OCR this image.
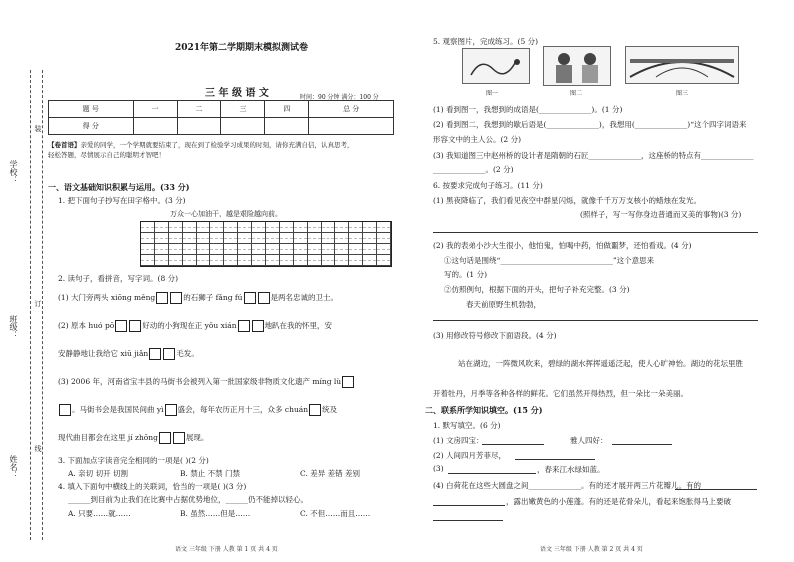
学校：
班级：
姓名：
装
订
线
2021年第二学期期末模拟测试卷
三 年 级 语 文	时间：90 分钟 满分：100 分
题 号	一	二	三	四	总 分
得 分					
【卷首语】亲爱的同学，一个学期就要结束了，现在到了检验学习成果的时刻，请你充满自信，认真思考，
轻松答题，尽情展示自己的聪明才智吧！
一、语文基础知识积累与运用。(33 分)
1. 把下面句子抄写在田字格中。(3 分)
万众一心加油干，越是艰险越向前。
2. 读句子，看拼音，写字词。(8 分)
(1) 大门旁两头 xiōnɡ měnɡ	的石狮子 fǎnɡ fú	是两名忠诚的卫士。
(2) 原本 huó pō	好动的小狗现在正 yǒu xián	地趴在我的怀里，安
安静静地让我给它 xiū jiǎn	毛发。
(3) 2006 年，河南省宝丰县的马街书会被列入第一批国家级非物质文化遗产 mínɡ lù
。马街书会是我国民间曲 yì 盛会，每年农历正月十三，众多 chuán 统及
现代曲目都会在这里 jí zhōnɡ	展现。
3. 下面加点字读音完全相同的一项是( )(2 分)
A. 亲切 切开 切割	B. 禁止 不禁 门禁	C. 差异 差错 差别
4. 填入下面句中横线上的关联词，恰当的一项是( )(3 分)
______到目前为止我们在比赛中占据优势地位，______仍不能掉以轻心。
A. 只要……就……	B. 虽然……但是……	C. 不但……而且……
语文 三年级 下册 人教 第 1 页 共 4 页
5. 观察图片，完成练习。(5 分)
图一	图二	图三
(1) 看到图一，我想到的成语是(______________)。(1 分)
(2) 看到图二，我想到的歇后语是(______________)，我想用(______________)“这个四字词语来
形容文中的主人公。(2 分)
(3) 我知道图三中赵州桥的设计者是隋朝的石匠______________，这座桥的特点有______________
______________。(2 分)
6. 按要求完成句子练习。(11 分)
(1) 黑夜降临了，我们看见夜空中群星闪烁，就像千千万万支核小的蜡烛在发光。
(照样子，写一写你身边普通而又美的事物)(3 分)
(2) 我的表弟小沙大生很小，他怕鬼，怕喝中药，怕做噩梦，还怕看戏。(4 分)
①这句话是围绕“______________________________”这个意思来
写的。(1 分)
②仿照例句，根据下面的开头，把句子补充完整。(3 分)
春天前原野生机勃勃，
(3) 用修改符号修改下面语段。(4 分)
站在湖边，一阵微风吹来，碧绿的湖水挥挥遥遥泛起，使人心旷神怡。湖边的花坛里胜
开着牡丹，月季等各种各样的鲜花。它们虽然开得热烈，但一朵比一朵美丽。
二、联系所学知识填空。(15 分)
1. 默写填空。(6 分)
(1) 文房四宝：	雅人四好：
(2) 人间四月芳菲尽，
(3)	，春来江水绿如蓝。
(4) 白荷花在这些大圆盘之间______________。有的还才展开两三片花瓣儿。有的
，露出嫩黄色的小莲蓬。有的还是花骨朵儿，看起来饱胀得马上要破
语文 三年级 下册 人教 第 2 页 共 4 页
